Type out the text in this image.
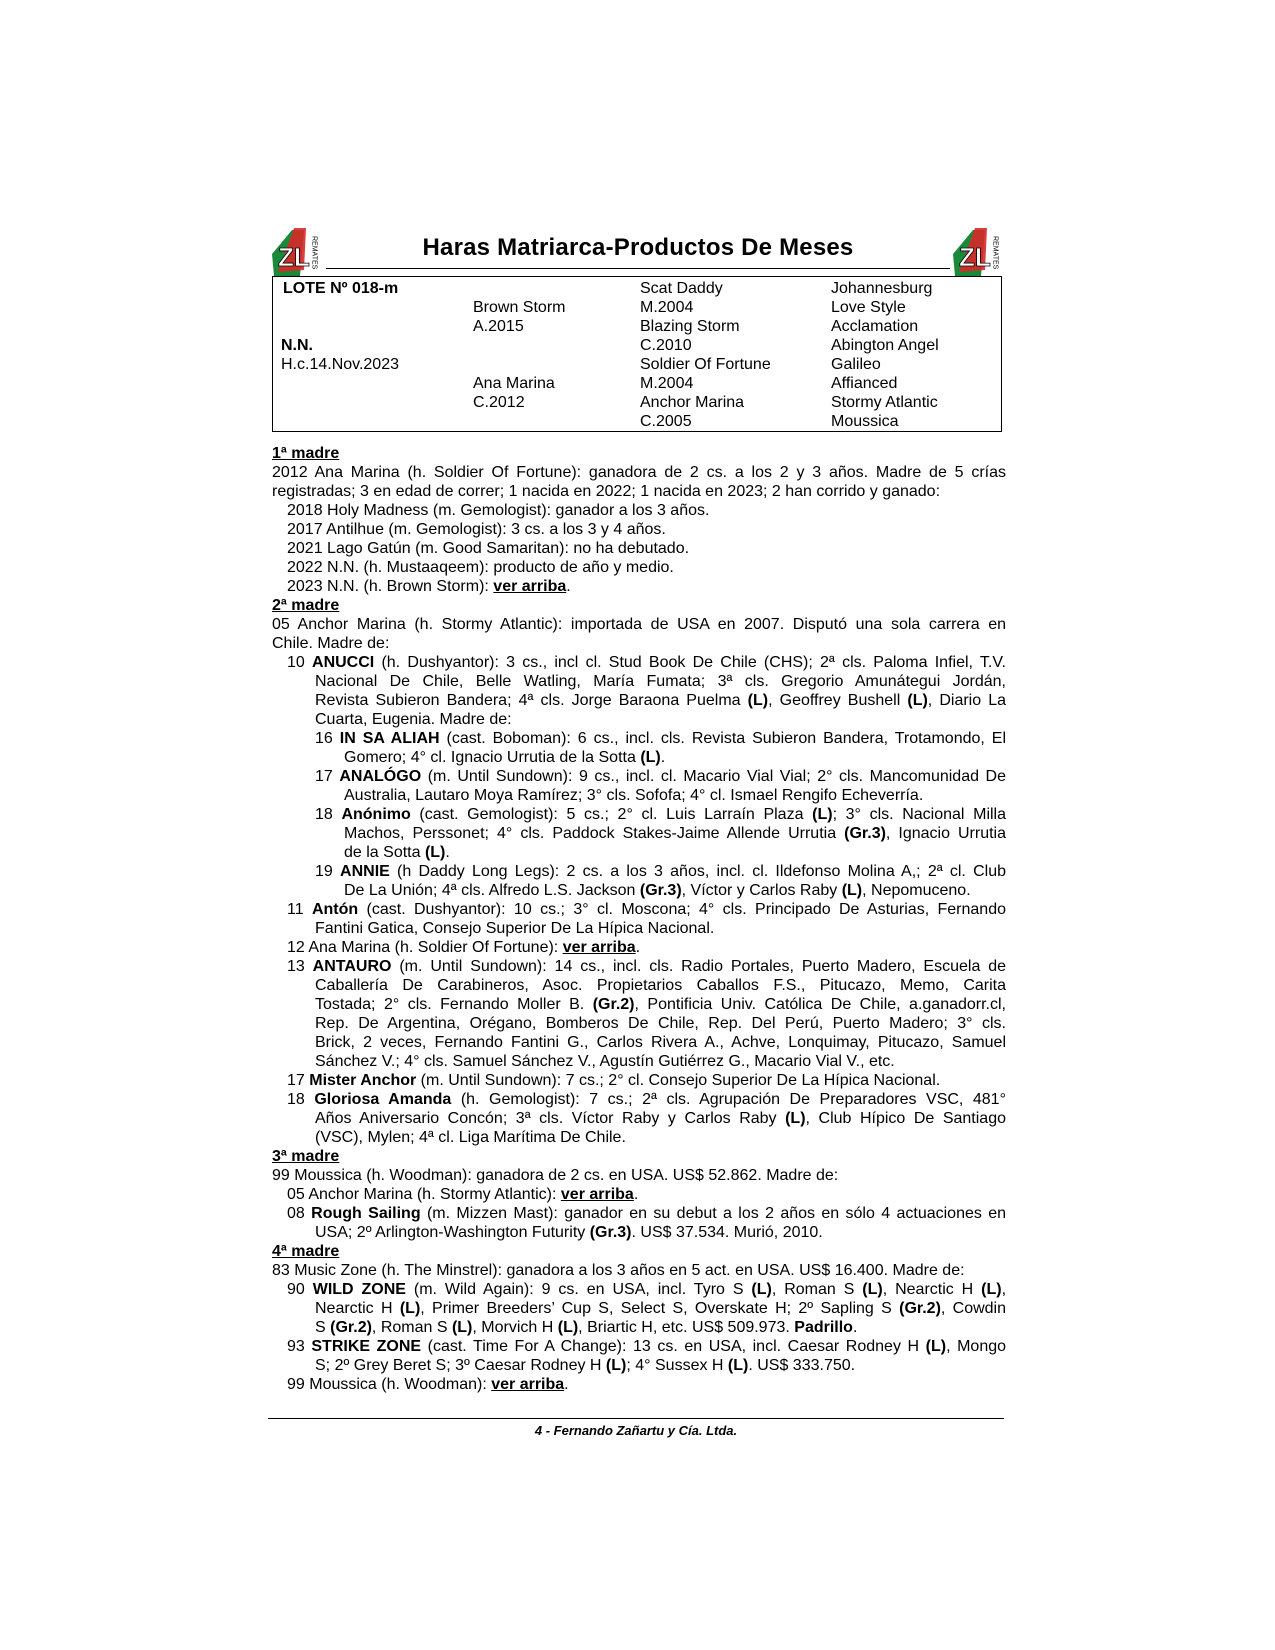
ZL REMATES	Haras Matriarca-Productos De Meses	ZL REMATES
LOTE Nº 018-m
N.N.
H.c.14.Nov.2023
Brown Storm
A.2015
Ana Marina
C.2012
Scat Daddy
M.2004
Blazing Storm
C.2010
Soldier Of Fortune
M.2004
Anchor Marina
C.2005
Johannesburg
Love Style
Acclamation
Abington Angel
Galileo
Affianced
Stormy Atlantic
Moussica
1ª madre
2012 Ana Marina (h. Soldier Of Fortune): ganadora de 2 cs. a los 2 y 3 años. Madre de 5 crías
registradas; 3 en edad de correr; 1 nacida en 2022; 1 nacida en 2023; 2 han corrido y ganado:
2018 Holy Madness (m. Gemologist): ganador a los 3 años.
2017 Antilhue (m. Gemologist): 3 cs. a los 3 y 4 años.
2021 Lago Gatún (m. Good Samaritan): no ha debutado.
2022 N.N. (h. Mustaaqeem): producto de año y medio.
2023 N.N. (h. Brown Storm): ver arriba.
2ª madre
05 Anchor Marina (h. Stormy Atlantic): importada de USA en 2007. Disputó una sola carrera en
Chile. Madre de:
10 ANUCCI (h. Dushyantor): 3 cs., incl cl. Stud Book De Chile (CHS); 2ª cls. Paloma Infiel, T.V.
Nacional De Chile, Belle Watling, María Fumata; 3ª cls. Gregorio Amunátegui Jordán,
Revista Subieron Bandera; 4ª cls. Jorge Baraona Puelma (L), Geoffrey Bushell (L), Diario La
Cuarta, Eugenia. Madre de:
16 IN SA ALIAH (cast. Boboman): 6 cs., incl. cls. Revista Subieron Bandera, Trotamondo, El
Gomero; 4° cl. Ignacio Urrutia de la Sotta (L).
17 ANALÓGO (m. Until Sundown): 9 cs., incl. cl. Macario Vial Vial; 2° cls. Mancomunidad De
Australia, Lautaro Moya Ramírez; 3° cls. Sofofa; 4° cl. Ismael Rengifo Echeverría.
18 Anónimo (cast. Gemologist): 5 cs.; 2° cl. Luis Larraín Plaza (L); 3° cls. Nacional Milla
Machos, Perssonet; 4° cls. Paddock Stakes-Jaime Allende Urrutia (Gr.3), Ignacio Urrutia
de la Sotta (L).
19 ANNIE (h Daddy Long Legs): 2 cs. a los 3 años, incl. cl. Ildefonso Molina A,; 2ª cl. Club
De La Unión; 4ª cls. Alfredo L.S. Jackson (Gr.3), Víctor y Carlos Raby (L), Nepomuceno.
11 Antón (cast. Dushyantor): 10 cs.; 3° cl. Moscona; 4° cls. Principado De Asturias, Fernando
Fantini Gatica, Consejo Superior De La Hípica Nacional.
12 Ana Marina (h. Soldier Of Fortune): ver arriba.
13 ANTAURO (m. Until Sundown): 14 cs., incl. cls. Radio Portales, Puerto Madero, Escuela de
Caballería De Carabineros, Asoc. Propietarios Caballos F.S., Pitucazo, Memo, Carita
Tostada; 2° cls. Fernando Moller B. (Gr.2), Pontificia Univ. Católica De Chile, a.ganadorr.cl,
Rep. De Argentina, Orégano, Bomberos De Chile, Rep. Del Perú, Puerto Madero; 3° cls.
Brick, 2 veces, Fernando Fantini G., Carlos Rivera A., Achve, Lonquimay, Pitucazo, Samuel
Sánchez V.; 4° cls. Samuel Sánchez V., Agustín Gutiérrez G., Macario Vial V., etc.
17 Mister Anchor (m. Until Sundown): 7 cs.; 2° cl. Consejo Superior De La Hípica Nacional.
18 Gloriosa Amanda (h. Gemologist): 7 cs.; 2ª cls. Agrupación De Preparadores VSC, 481°
Años Aniversario Concón; 3ª cls. Víctor Raby y Carlos Raby (L), Club Hípico De Santiago
(VSC), Mylen; 4ª cl. Liga Marítima De Chile.
3ª madre
99 Moussica (h. Woodman): ganadora de 2 cs. en USA. US$ 52.862. Madre de:
05 Anchor Marina (h. Stormy Atlantic): ver arriba.
08 Rough Sailing (m. Mizzen Mast): ganador en su debut a los 2 años en sólo 4 actuaciones en
USA; 2º Arlington-Washington Futurity (Gr.3). US$ 37.534. Murió, 2010.
4ª madre
83 Music Zone (h. The Minstrel): ganadora a los 3 años en 5 act. en USA. US$ 16.400. Madre de:
90 WILD ZONE (m. Wild Again): 9 cs. en USA, incl. Tyro S (L), Roman S (L), Nearctic H (L),
Nearctic H (L), Primer Breeders’ Cup S, Select S, Overskate H; 2º Sapling S (Gr.2), Cowdin
S (Gr.2), Roman S (L), Morvich H (L), Briartic H, etc. US$ 509.973. Padrillo.
93 STRIKE ZONE (cast. Time For A Change): 13 cs. en USA, incl. Caesar Rodney H (L), Mongo
S; 2º Grey Beret S; 3º Caesar Rodney H (L); 4° Sussex H (L). US$ 333.750.
99 Moussica (h. Woodman): ver arriba.
4 - Fernando Zañartu y Cía. Ltda.
